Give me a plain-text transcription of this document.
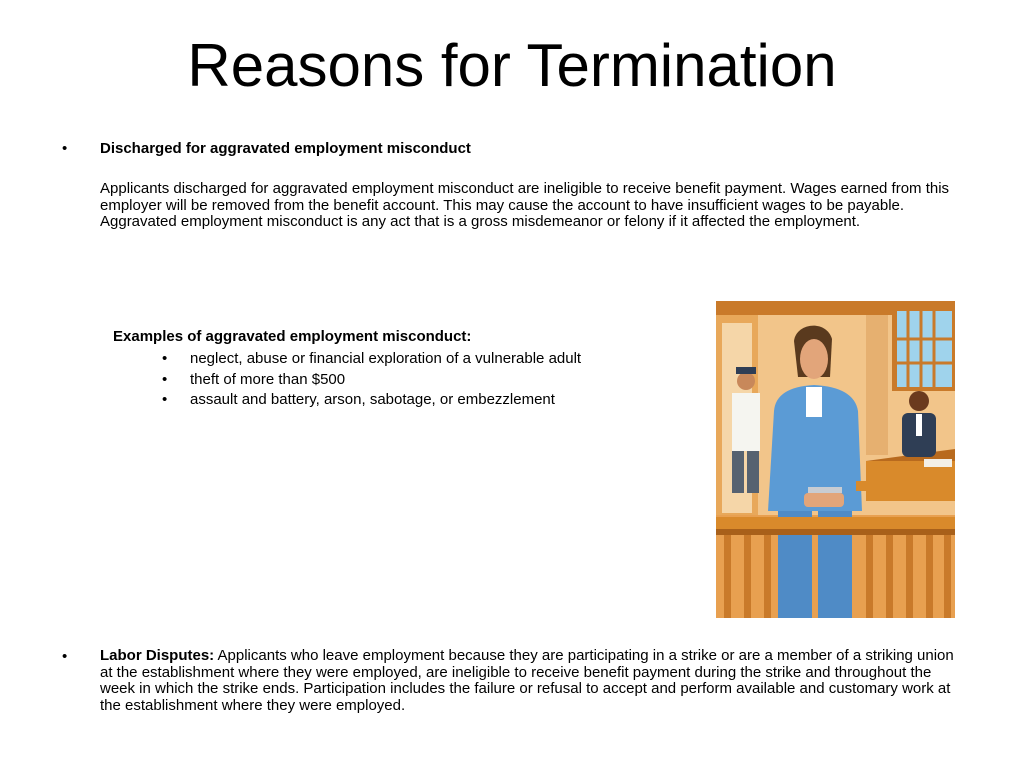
Reasons for Termination
• Discharged for aggravated employment misconduct
Applicants discharged for aggravated employment misconduct are ineligible to receive benefit payment. Wages earned from this employer will be removed from the benefit account. This may cause the account to have insufficient wages to be payable. Aggravated employment misconduct is any act that is a gross misdemeanor or felony if it affected the employment.
Examples of aggravated employment misconduct:
• neglect, abuse or financial exploration of a vulnerable adult
• theft of more than $500
• assault and battery, arson, sabotage, or embezzlement
• Labor Disputes: Applicants who leave employment because they are participating in a strike or are a member of a striking union at the establishment where they were employed, are ineligible to receive benefit payment during the strike and throughout the week in which the strike ends. Participation includes the failure or refusal to accept and perform available and customary work at the establishment where they were employed.
